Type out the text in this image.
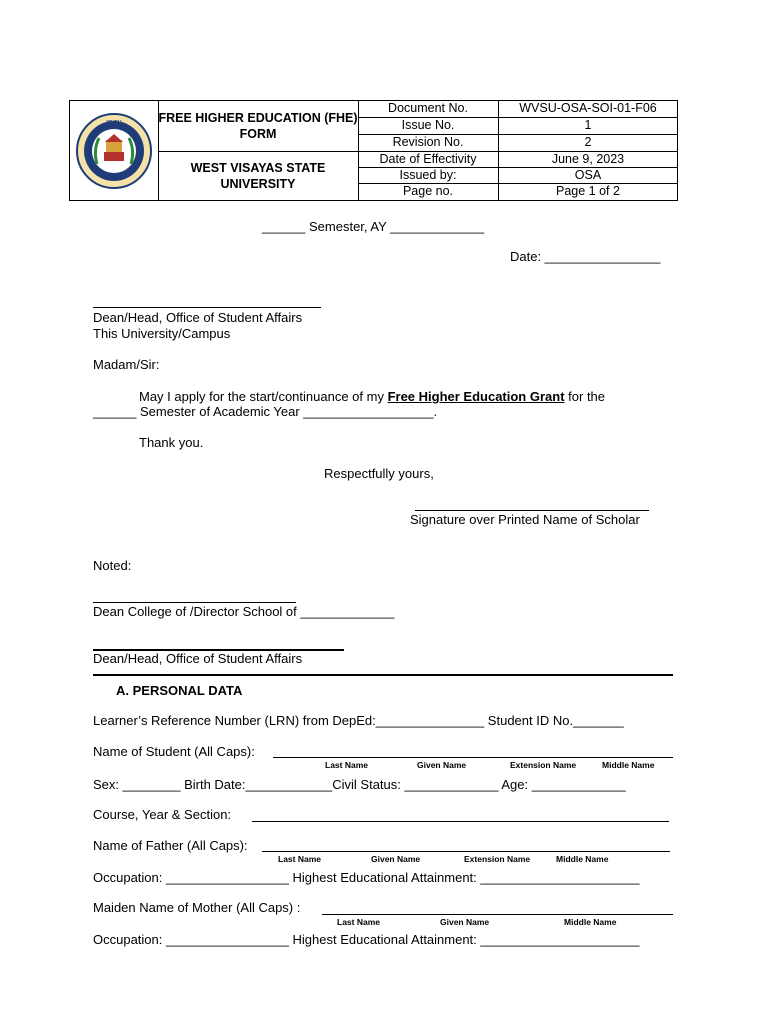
WVSU	FREE HIGHER EDUCATION (FHE) FORM
WEST VISAYAS STATE UNIVERSITY
Document No.	WVSU-OSA-SOI-01-F06
Issue No.	1
Revision No.	2
Date of Effectivity	June 9, 2023
Issued by:	OSA
Page no.	Page 1 of 2
______ Semester, AY _____________
Date: ________________
Dean/Head, Office of Student Affairs
This University/Campus
Madam/Sir:
May I apply for the start/continuance of my Free Higher Education Grant for the
______ Semester of Academic Year __________________.
Thank you.
Respectfully yours,
Signature over Printed Name of Scholar
Noted:
Dean College of /Director School of _____________
Dean/Head, Office of Student Affairs
A. PERSONAL DATA
Learner’s Reference Number (LRN) from DepEd:_______________ Student ID No._______
Name of Student (All Caps):
Last Name	Given Name	Extension Name	Middle Name
Sex: ________ Birth Date:____________Civil Status: _____________ Age: _____________
Course, Year & Section:
Name of Father (All Caps):
Last Name	Given Name	Extension Name	Middle Name
Occupation: _________________ Highest Educational Attainment: ______________________
Maiden Name of Mother (All Caps) :
Last Name	Given Name	Middle Name
Occupation: _________________ Highest Educational Attainment: ______________________
